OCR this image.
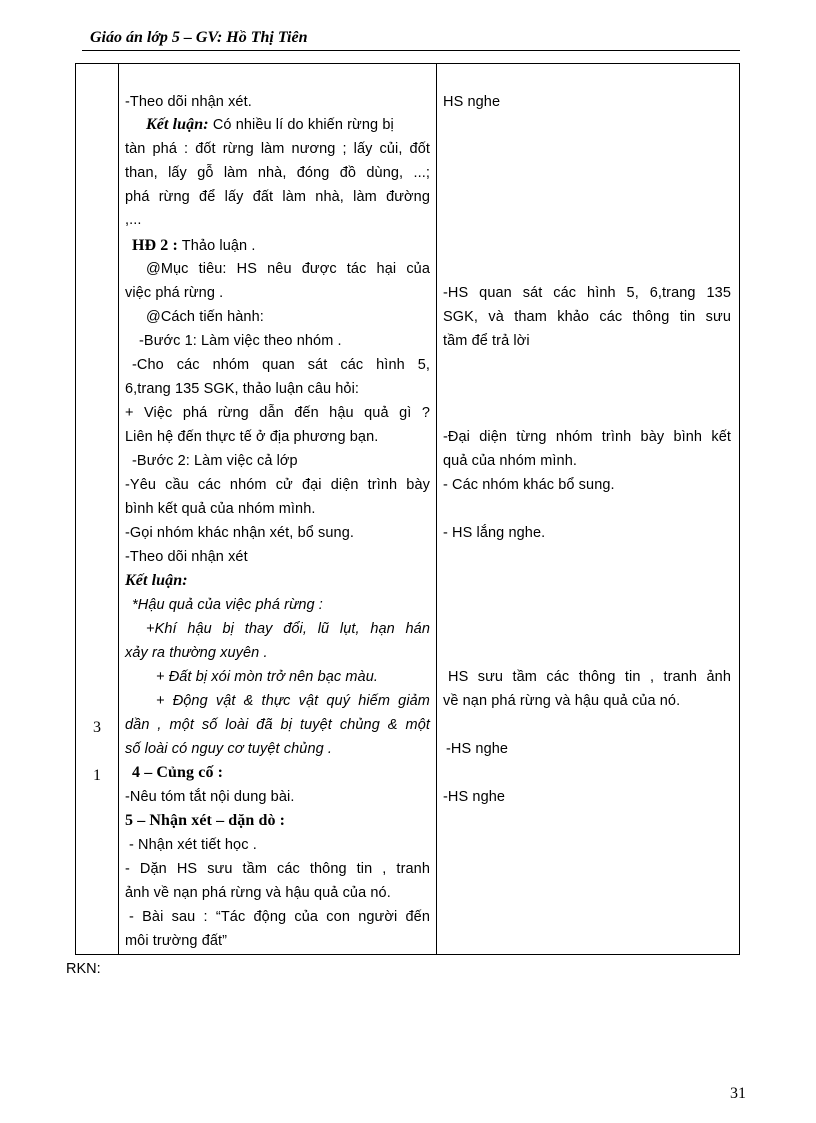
Giáo án lớp 5 – GV: Hồ Thị Tiên
3
1
-Theo dõi nhận xét.
Kết luận: Có nhiều lí do khiến rừng bị
tàn phá : đốt rừng làm nương ; lấy củi, đốt
than, lấy gỗ làm nhà, đóng đồ dùng, ...;
phá rừng để lấy đất làm nhà, làm đường
,...
HĐ 2 : Thảo luận .
@Mục tiêu: HS nêu được tác hại của
việc phá rừng .
@Cách tiến hành:
-Bước 1: Làm việc theo nhóm .
-Cho các nhóm quan sát các hình 5,
6,trang 135 SGK, thảo luận câu hỏi:
+ Việc phá rừng dẫn đến hậu quả gì ?
Liên hệ đến thực tế ở địa phương bạn.
-Bước 2: Làm việc cả lớp
-Yêu cầu các nhóm cử đại diện trình bày
bình kết quả của nhóm mình.
-Gọi nhóm khác nhận xét, bổ sung.
-Theo dõi nhận xét
Kết luận:
*Hậu quả của việc phá rừng :
+Khí hậu bị thay đổi, lũ lụt, hạn hán
xảy ra thường xuyên .
+ Đất bị xói mòn trở nên bạc màu.
+ Động vật & thực vật quý hiếm giảm
dần , một số loài đã bị tuyệt chủng & một
số loài có nguy cơ tuyệt chủng .
4 – Củng cố :
-Nêu tóm tắt nội dung bài.
5 – Nhận xét – dặn dò :
- Nhận xét tiết học .
- Dặn HS sưu tầm các thông tin , tranh
ảnh về nạn phá rừng và hậu quả của nó.
- Bài sau : “Tác động của con người đến
môi trường đất”
HS nghe
-HS quan sát các hình 5, 6,trang 135
SGK, và tham khảo các thông tin sưu
tầm để trả lời
-Đại diện từng nhóm trình bày bình kết
quả của nhóm mình.
- Các nhóm khác bổ sung.
- HS lắng nghe.
HS sưu tầm các thông tin , tranh ảnh
về nạn phá rừng và hậu quả của nó.
-HS nghe
-HS nghe
RKN:
31
